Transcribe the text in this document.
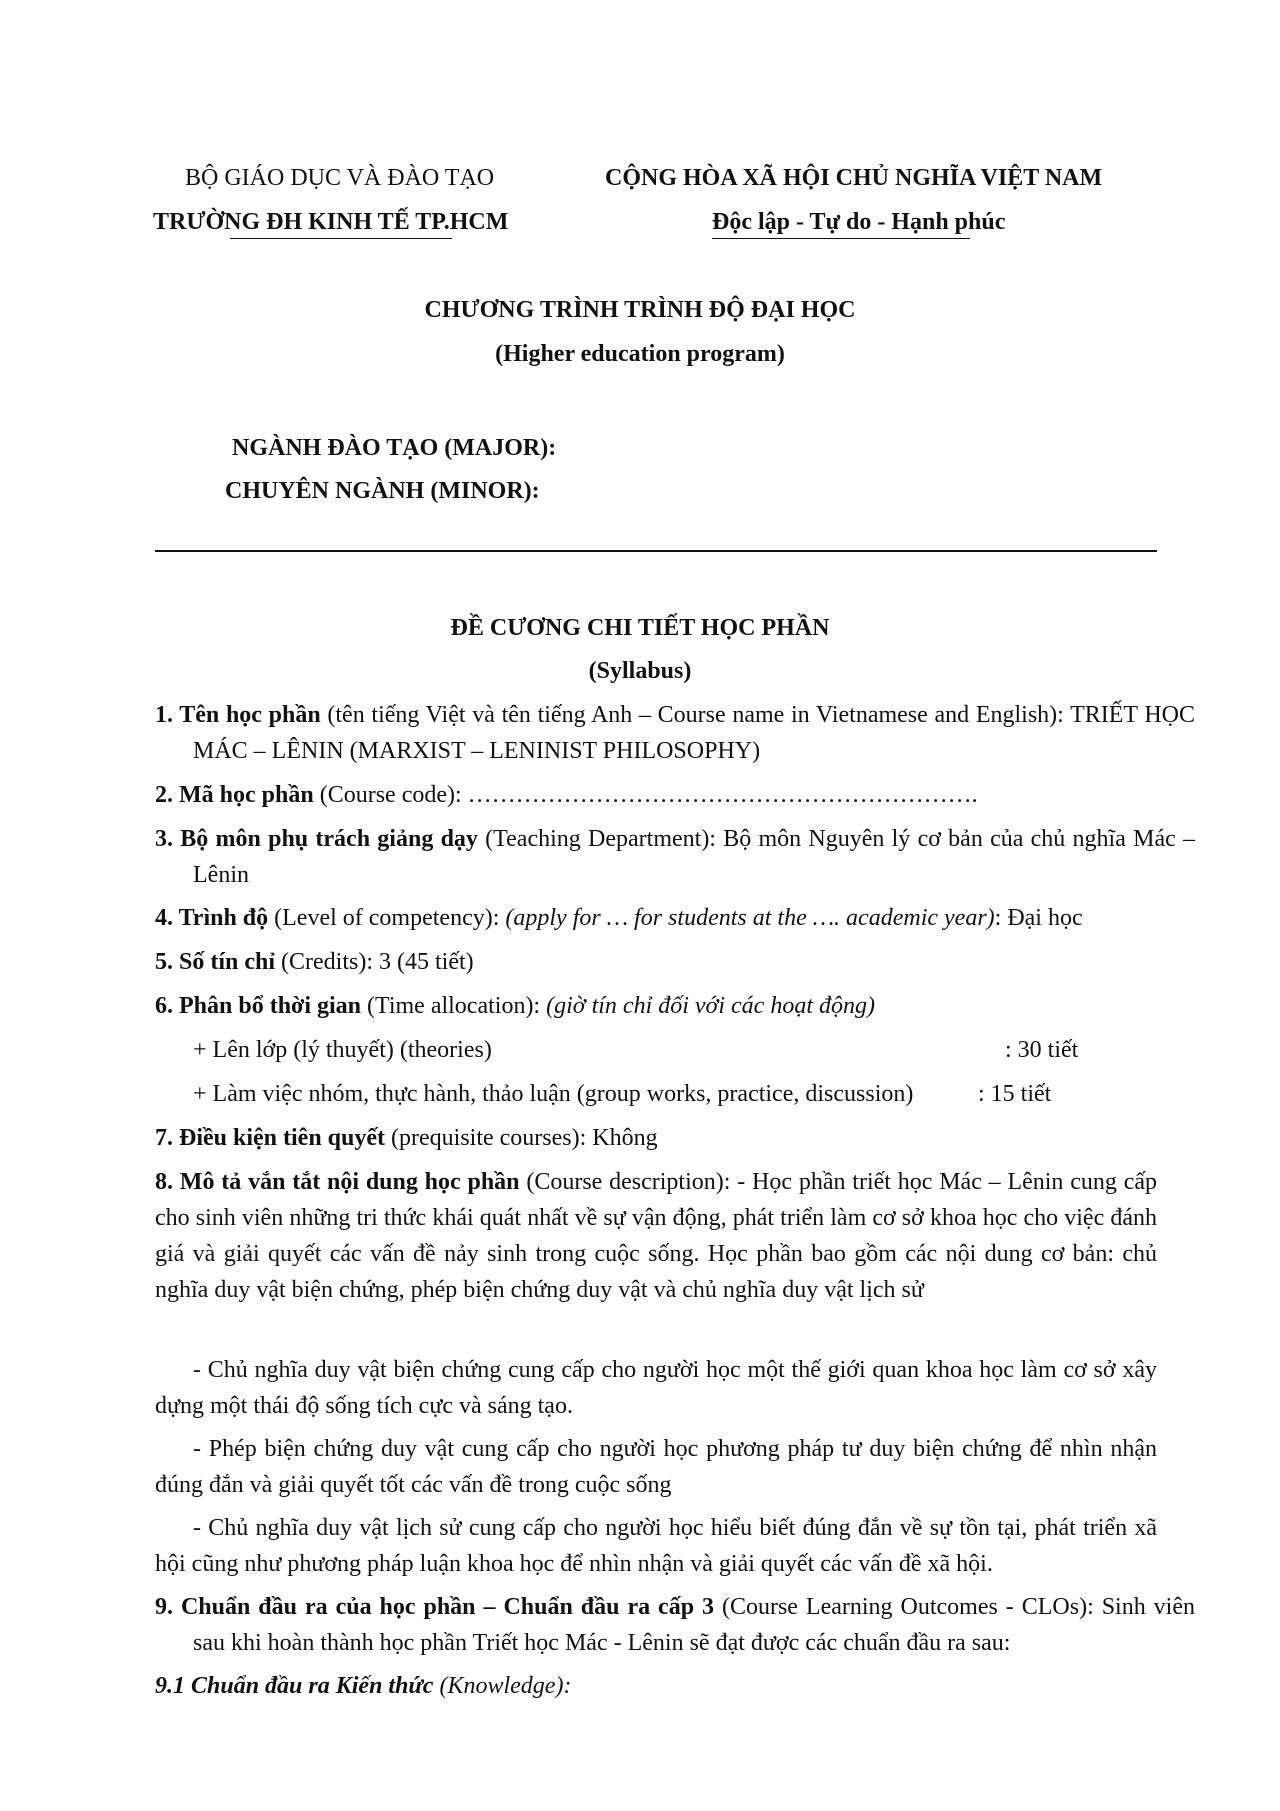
BỘ GIÁO DỤC VÀ ĐÀO TẠO
TRƯỜNG ĐH KINH TẾ TP.HCM
CỘNG HÒA XÃ HỘI CHỦ NGHĨA VIỆT NAM
Độc lập - Tự do - Hạnh phúc
CHƯƠNG TRÌNH TRÌNH ĐỘ ĐẠI HỌC
(Higher education program)
NGÀNH ĐÀO TẠO (MAJOR):
CHUYÊN NGÀNH (MINOR):
ĐỀ CƯƠNG CHI TIẾT HỌC PHẦN
(Syllabus)
1. Tên học phần (tên tiếng Việt và tên tiếng Anh – Course name in Vietnamese and English): TRIẾT HỌC MÁC – LÊNIN (MARXIST – LENINIST PHILOSOPHY)
2. Mã học phần (Course code): ……………………………………………………….
3. Bộ môn phụ trách giảng dạy (Teaching Department): Bộ môn Nguyên lý cơ bản của chủ nghĩa Mác – Lênin
4. Trình độ (Level of competency): (apply for … for students at the …. academic year): Đại học
5. Số tín chỉ (Credits): 3 (45 tiết)
6. Phân bổ thời gian (Time allocation): (giờ tín chỉ đối với các hoạt động)
+ Lên lớp (lý thuyết) (theories)	: 30 tiết
+ Làm việc nhóm, thực hành, thảo luận (group works, practice, discussion)	: 15 tiết
7. Điều kiện tiên quyết (prequisite courses): Không
8. Mô tả vắn tắt nội dung học phần (Course description): - Học phần triết học Mác – Lênin cung cấp cho sinh viên những tri thức khái quát nhất về sự vận động, phát triển làm cơ sở khoa học cho việc đánh giá và giải quyết các vấn đề nảy sinh trong cuộc sống. Học phần bao gồm các nội dung cơ bản: chủ nghĩa duy vật biện chứng, phép biện chứng duy vật và chủ nghĩa duy vật lịch sử
- Chủ nghĩa duy vật biện chứng cung cấp cho người học một thế giới quan khoa học làm cơ sở xây dựng một thái độ sống tích cực và sáng tạo.
- Phép biện chứng duy vật cung cấp cho người học phương pháp tư duy biện chứng để nhìn nhận đúng đắn và giải quyết tốt các vấn đề trong cuộc sống
- Chủ nghĩa duy vật lịch sử cung cấp cho người học hiểu biết đúng đắn về sự tồn tại, phát triển xã hội cũng như phương pháp luận khoa học để nhìn nhận và giải quyết các vấn đề xã hội.
9. Chuẩn đầu ra của học phần – Chuẩn đầu ra cấp 3 (Course Learning Outcomes - CLOs): Sinh viên sau khi hoàn thành học phần Triết học Mác - Lênin sẽ đạt được các chuẩn đầu ra sau:
9.1 Chuẩn đầu ra Kiến thức (Knowledge):
